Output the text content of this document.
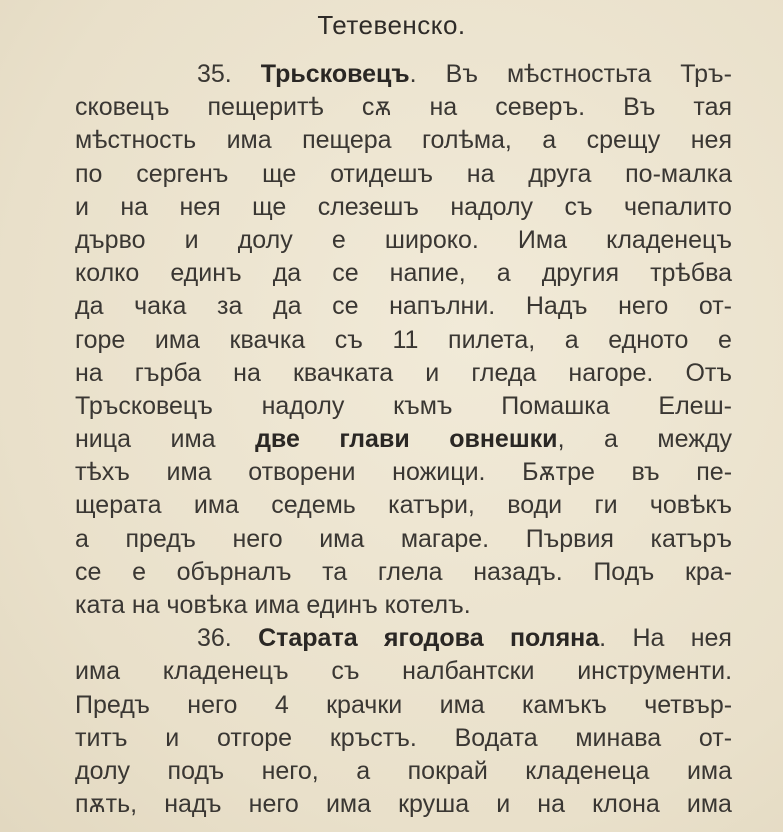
Тетевенско.
35. Трьсковецъ. Въ мѣстностьта Тръ-
сковецъ пещеритѣ сѫ на северъ. Въ тая
мѣстность има пещера голѣма, а срещу нея
по сергенъ ще отидешъ на друга по-малка
и на нея ще слезешъ надолу съ чепалито
дърво и долу е широко. Има кладенецъ
колко единъ да се напие, а другия трѣбва
да чака за да се напълни. Надъ него от-
горе има квачка съ 11 пилета, а едното е
на гърба на квачката и гледа нагоре. Отъ
Тръсковецъ надолу къмъ Помашка Елеш-
ница има две глави овнешки, а между
тѣхъ има отворени ножици. Бѫтре въ пе-
щерата има седемь катъри, води ги човѣкъ
а предъ него има магаре. Първия катъръ
се е обърналъ та глела назадъ. Подъ кра-
ката на човѣка има единъ котелъ.
36. Старата ягодова поляна. На нея
има кладенецъ съ налбантски инструменти.
Предъ него 4 крачки има камъкъ четвър-
титъ и отгоре кръстъ. Водата минава от-
долу подъ него, а покрай кладенеца има
пѫть, надъ него има круша и на клона има
